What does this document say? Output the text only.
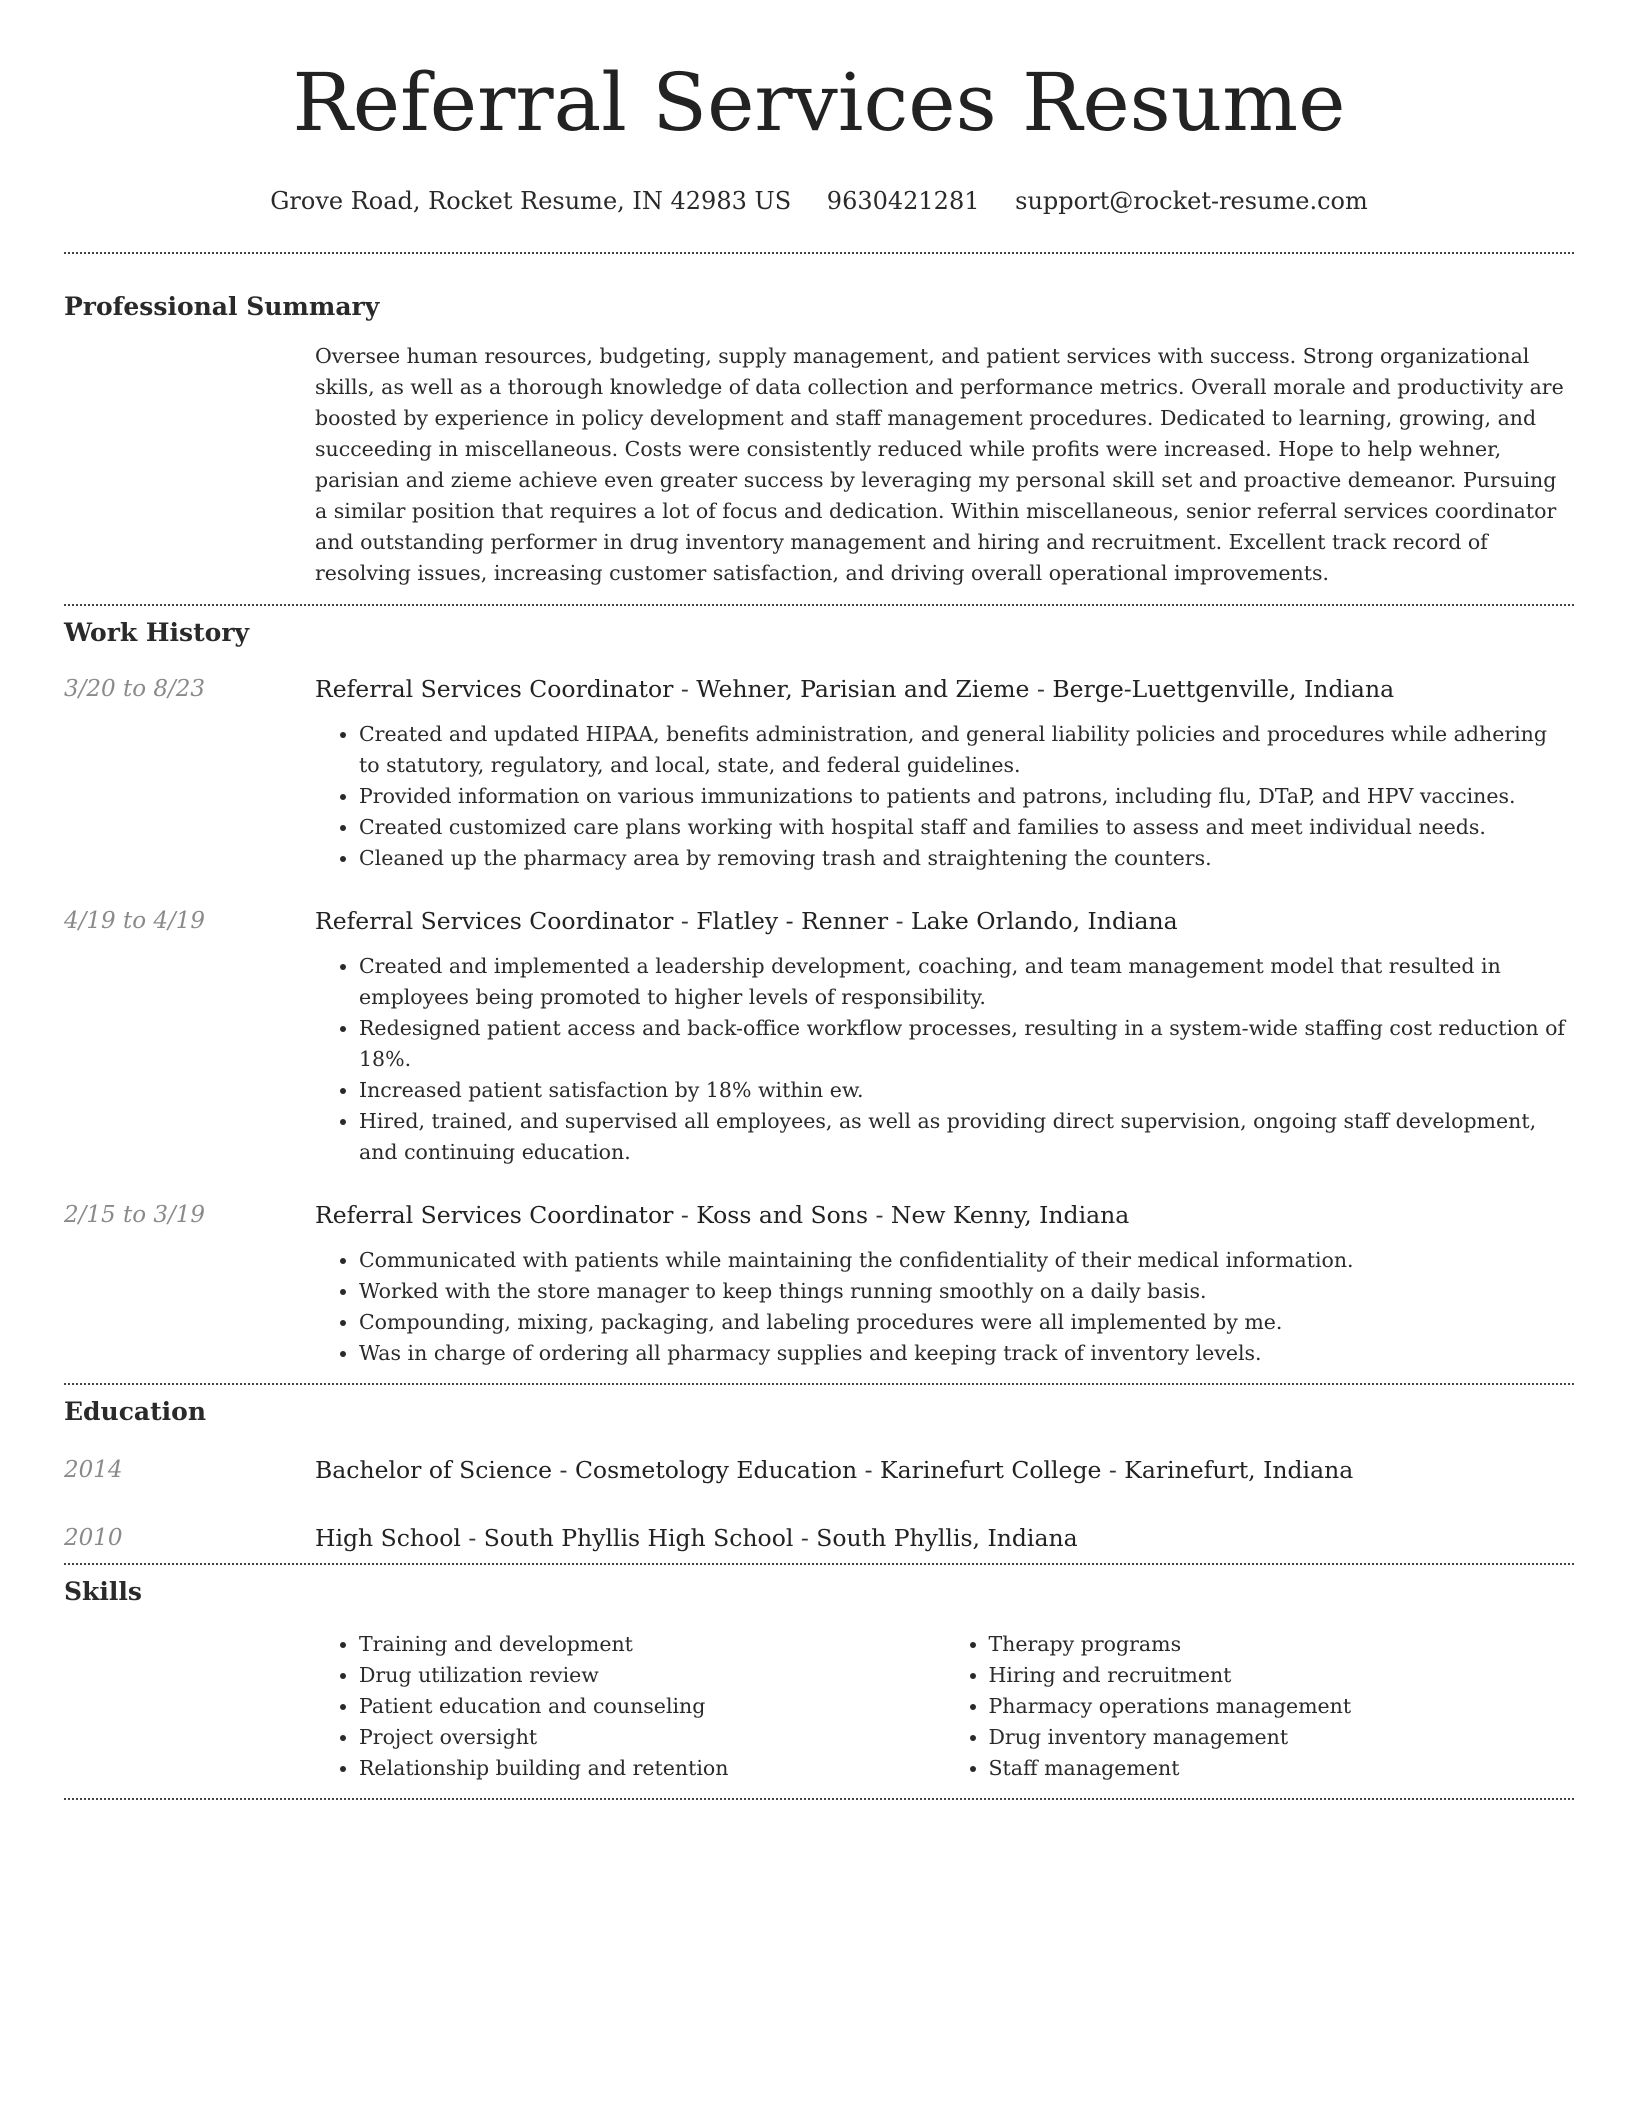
Referral Services Resume
Grove Road, Rocket Resume, IN 42983 US 9630421281 support@rocket-resume.com
Professional Summary

Oversee human resources, budgeting, supply management, and patient services with success. Strong organizational skills, as well as a thorough knowledge of data collection and performance metrics. Overall morale and productivity are boosted by experience in policy development and staff management procedures. Dedicated to learning, growing, and succeeding in miscellaneous. Costs were consistently reduced while profits were increased. Hope to help wehner, parisian and zieme achieve even greater success by leveraging my personal skill set and proactive demeanor. Pursuing a similar position that requires a lot of focus and dedication. Within miscellaneous, senior referral services coordinator and outstanding performer in drug inventory management and hiring and recruitment. Excellent track record of resolving issues, increasing customer satisfaction, and driving overall operational improvements.

Work History
3/20 to 8/23	Referral Services Coordinator - Wehner, Parisian and Zieme - Berge-Luettgenville, Indiana
• Created and updated HIPAA, benefits administration, and general liability policies and procedures while adhering to statutory, regulatory, and local, state, and federal guidelines.
• Provided information on various immunizations to patients and patrons, including flu, DTaP, and HPV vaccines.
• Created customized care plans working with hospital staff and families to assess and meet individual needs.
• Cleaned up the pharmacy area by removing trash and straightening the counters.
4/19 to 4/19	Referral Services Coordinator - Flatley - Renner - Lake Orlando, Indiana
• Created and implemented a leadership development, coaching, and team management model that resulted in employees being promoted to higher levels of responsibility.
• Redesigned patient access and back-office workflow processes, resulting in a system-wide staffing cost reduction of 18%.
• Increased patient satisfaction by 18% within ew.
• Hired, trained, and supervised all employees, as well as providing direct supervision, ongoing staff development, and continuing education.
2/15 to 3/19	Referral Services Coordinator - Koss and Sons - New Kenny, Indiana
• Communicated with patients while maintaining the confidentiality of their medical information.
• Worked with the store manager to keep things running smoothly on a daily basis.
• Compounding, mixing, packaging, and labeling procedures were all implemented by me.
• Was in charge of ordering all pharmacy supplies and keeping track of inventory levels.
Education
2014	Bachelor of Science - Cosmetology Education - Karinefurt College - Karinefurt, Indiana
2010	High School - South Phyllis High School - South Phyllis, Indiana
Skills
• Training and development
• Drug utilization review
• Patient education and counseling
• Project oversight
• Relationship building and retention
• Therapy programs
• Hiring and recruitment
• Pharmacy operations management
• Drug inventory management
• Staff management
